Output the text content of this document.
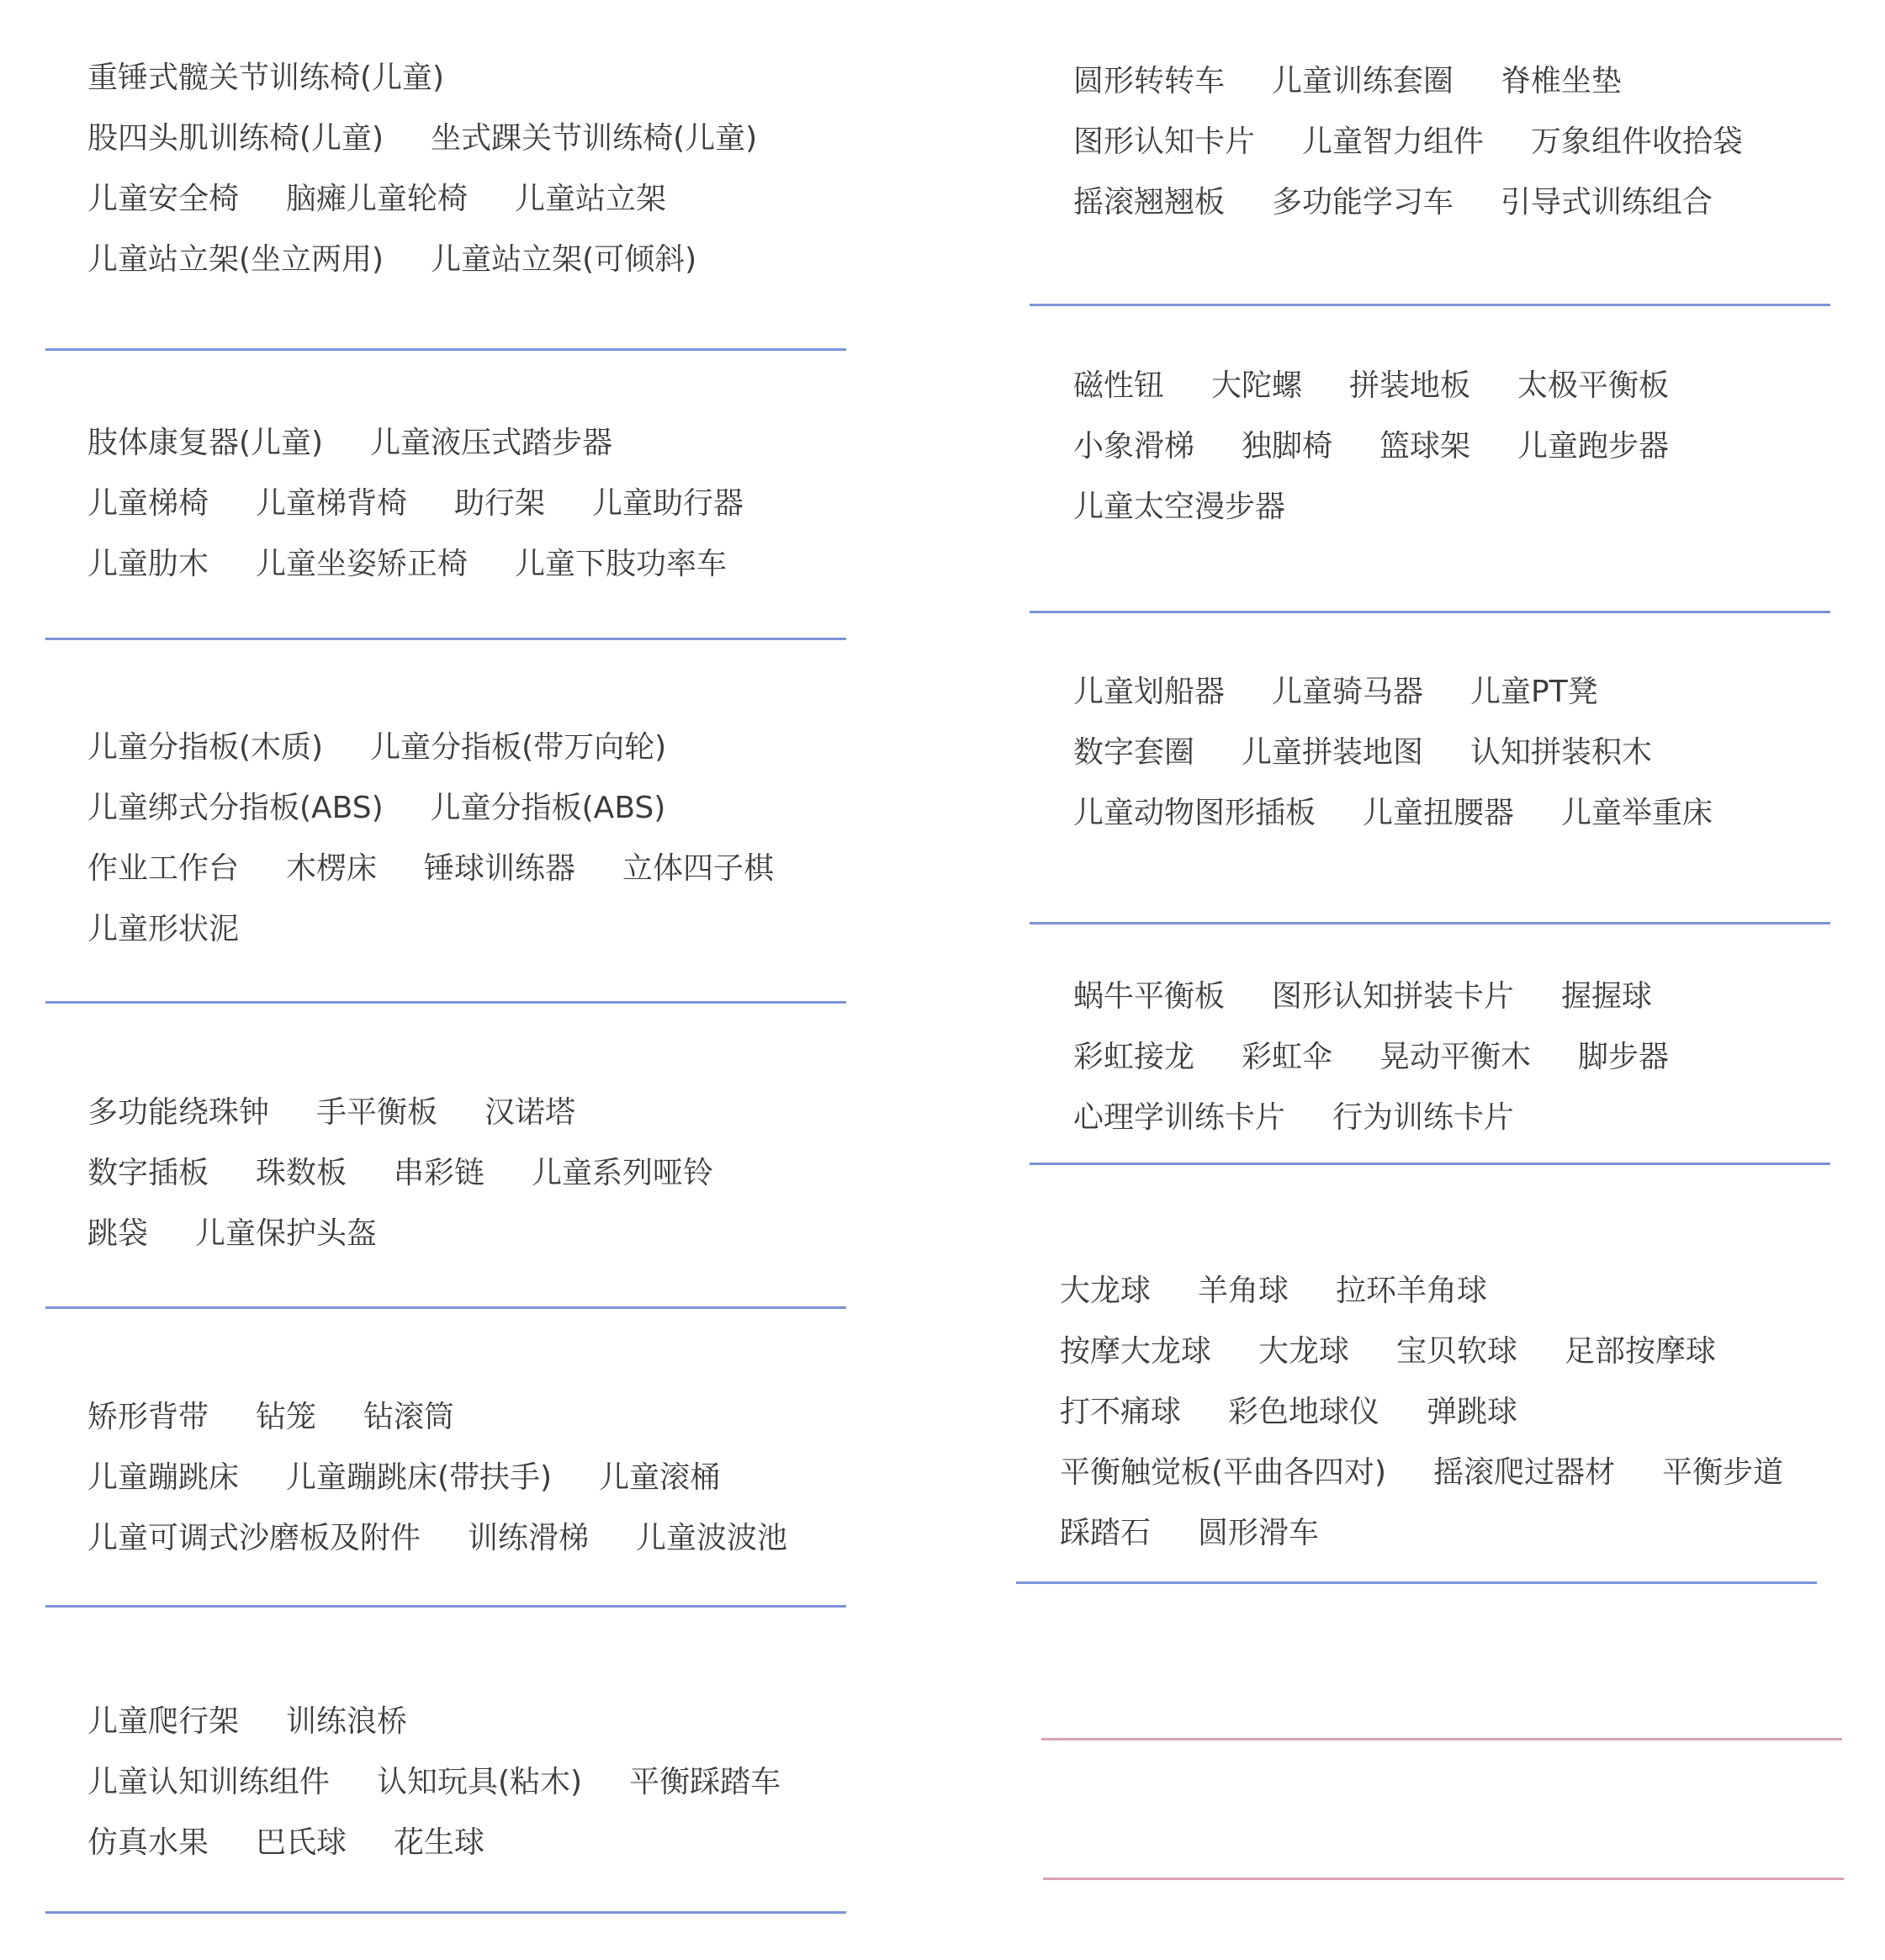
重锤式髋关节训练椅(儿童)
股四头肌训练椅(儿童) 坐式踝关节训练椅(儿童)
儿童安全椅 脑瘫儿童轮椅 儿童站立架
儿童站立架(坐立两用) 儿童站立架(可倾斜)
肢体康复器(儿童) 儿童液压式踏步器
儿童梯椅 儿童梯背椅 助行架 儿童助行器
儿童肋木 儿童坐姿矫正椅 儿童下肢功率车
儿童分指板(木质) 儿童分指板(带万向轮)
儿童绑式分指板(ABS) 儿童分指板(ABS)
作业工作台 木楞床 锤球训练器 立体四子棋
儿童形状泥
多功能绕珠钟 手平衡板 汉诺塔
数字插板 珠数板 串彩链 儿童系列哑铃
跳袋 儿童保护头盔
矫形背带 钻笼 钻滚筒
儿童蹦跳床 儿童蹦跳床(带扶手) 儿童滚桶
儿童可调式沙磨板及附件 训练滑梯 儿童波波池
儿童爬行架 训练浪桥
儿童认知训练组件 认知玩具(粘木) 平衡踩踏车
仿真水果 巴氏球 花生球
圆形转转车 儿童训练套圈 脊椎坐垫
图形认知卡片 儿童智力组件 万象组件收拾袋
摇滚翘翘板 多功能学习车 引导式训练组合
磁性钮 大陀螺 拼装地板 太极平衡板
小象滑梯 独脚椅 篮球架 儿童跑步器
儿童太空漫步器
儿童划船器 儿童骑马器 儿童PT凳
数字套圈 儿童拼装地图 认知拼装积木
儿童动物图形插板 儿童扭腰器 儿童举重床
蜗牛平衡板 图形认知拼装卡片 握握球
彩虹接龙 彩虹伞 晃动平衡木 脚步器
心理学训练卡片 行为训练卡片
大龙球 羊角球 拉环羊角球
按摩大龙球 大龙球 宝贝软球 足部按摩球
打不痛球 彩色地球仪 弹跳球
平衡触觉板(平曲各四对) 摇滚爬过器材 平衡步道
踩踏石 圆形滑车
